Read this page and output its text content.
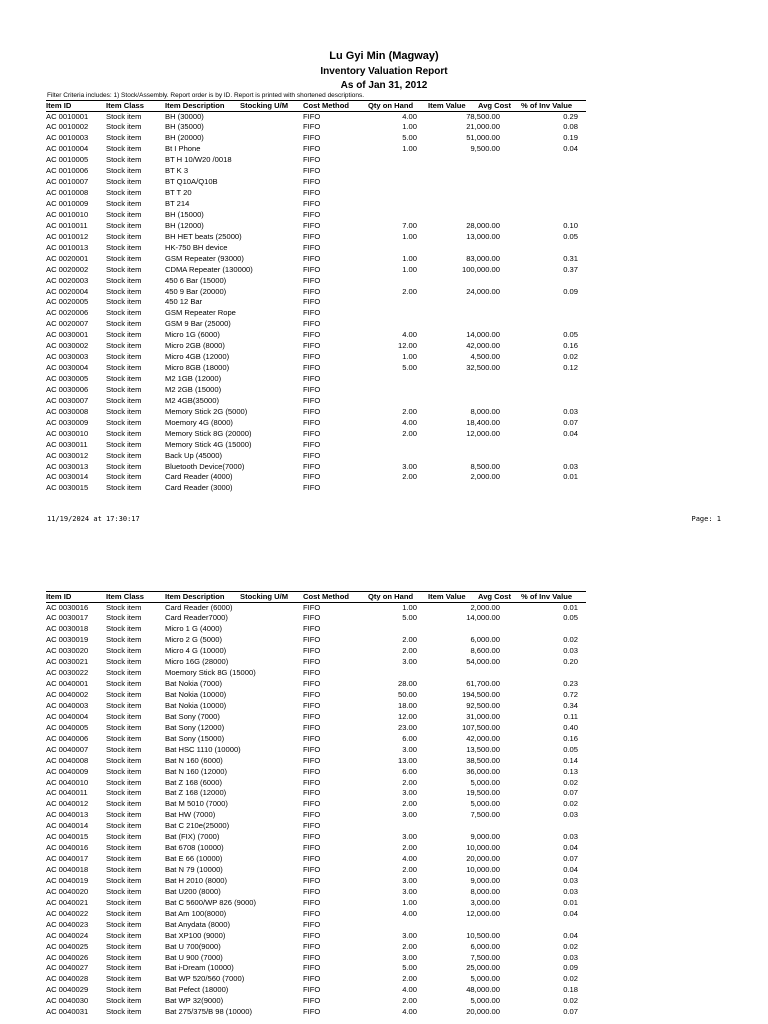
Lu Gyi Min (Magway)
Inventory Valuation Report
As of Jan 31, 2012
Filter Criteria includes: 1) Stock/Assembly. Report order is by ID. Report is printed with shortened descriptions.
Item ID	Item Class	Item Description	Stocking U/M	Cost Method	Qty on Hand	Item Value	Avg Cost	% of Inv Value
AC 0010001	Stock item	BH (30000)	FIFO	4.00	78,500.00	0.29
AC 0010002	Stock item	BH (35000)	FIFO	1.00	21,000.00	0.08
AC 0010003	Stock item	BH (20000)	FIFO	5.00	51,000.00	0.19
AC 0010004	Stock item	Bt I Phone	FIFO	1.00	9,500.00	0.04
AC 0010005	Stock item	BT H 10/W20 /0018	FIFO
AC 0010006	Stock item	BT K 3	FIFO
AC 0010007	Stock item	BT Q10A/Q10B	FIFO
AC 0010008	Stock item	BT T 20	FIFO
AC 0010009	Stock item	BT 214	FIFO
AC 0010010	Stock item	BH (15000)	FIFO
AC 0010011	Stock item	BH (12000)	FIFO	7.00	28,000.00	0.10
AC 0010012	Stock item	BH HET beats (25000)	FIFO	1.00	13,000.00	0.05
AC 0010013	Stock item	HK-750 BH device	FIFO
AC 0020001	Stock item	GSM Repeater (93000)	FIFO	1.00	83,000.00	0.31
AC 0020002	Stock item	CDMA Repeater (130000)	FIFO	1.00	100,000.00	0.37
AC 0020003	Stock item	450 6 Bar (15000)	FIFO
AC 0020004	Stock item	450 9 Bar (20000)	FIFO	2.00	24,000.00	0.09
AC 0020005	Stock item	450 12 Bar	FIFO
AC 0020006	Stock item	GSM Repeater Rope	FIFO
AC 0020007	Stock item	GSM 9 Bar (25000)	FIFO
AC 0030001	Stock item	Micro 1G (6000)	FIFO	4.00	14,000.00	0.05
AC 0030002	Stock item	Micro 2GB (8000)	FIFO	12.00	42,000.00	0.16
AC 0030003	Stock item	Micro 4GB (12000)	FIFO	1.00	4,500.00	0.02
AC 0030004	Stock item	Micro 8GB (18000)	FIFO	5.00	32,500.00	0.12
AC 0030005	Stock item	M2 1GB (12000)	FIFO
AC 0030006	Stock item	M2 2GB (15000)	FIFO
AC 0030007	Stock item	M2 4GB(35000)	FIFO
AC 0030008	Stock item	Memory Stick 2G (5000)	FIFO	2.00	8,000.00	0.03
AC 0030009	Stock item	Moemory 4G (8000)	FIFO	4.00	18,400.00	0.07
AC 0030010	Stock item	Memory Stick 8G (20000)	FIFO	2.00	12,000.00	0.04
AC 0030011	Stock item	Memory Stick 4G (15000)	FIFO
AC 0030012	Stock item	Back Up (45000)	FIFO
AC 0030013	Stock item	Bluetooth Device(7000)	FIFO	3.00	8,500.00	0.03
AC 0030014	Stock item	Card Reader (4000)	FIFO	2.00	2,000.00	0.01
AC 0030015	Stock item	Card Reader (3000)	FIFO
11/19/2024 at 17:30:17	Page: 1
Item ID	Item Class	Item Description	Stocking U/M	Cost Method	Qty on Hand	Item Value	Avg Cost	% of Inv Value
AC 0030016	Stock item	Card Reader (6000)	FIFO	1.00	2,000.00	0.01
AC 0030017	Stock item	Card Reader7000)	FIFO	5.00	14,000.00	0.05
AC 0030018	Stock item	Micro 1 G (4000)	FIFO
AC 0030019	Stock item	Micro 2 G (5000)	FIFO	2.00	6,000.00	0.02
AC 0030020	Stock item	Micro 4 G (10000)	FIFO	2.00	8,600.00	0.03
AC 0030021	Stock item	Micro 16G (28000)	FIFO	3.00	54,000.00	0.20
AC 0030022	Stock item	Moemory Stick 8G (15000)	FIFO
AC 0040001	Stock item	Bat Nokia (7000)	FIFO	28.00	61,700.00	0.23
AC 0040002	Stock item	Bat Nokia (10000)	FIFO	50.00	194,500.00	0.72
AC 0040003	Stock item	Bat Nokia (10000)	FIFO	18.00	92,500.00	0.34
AC 0040004	Stock item	Bat Sony (7000)	FIFO	12.00	31,000.00	0.11
AC 0040005	Stock item	Bat Sony (12000)	FIFO	23.00	107,500.00	0.40
AC 0040006	Stock item	Bat Sony (15000)	FIFO	6.00	42,000.00	0.16
AC 0040007	Stock item	Bat HSC 1110 (10000)	FIFO	3.00	13,500.00	0.05
AC 0040008	Stock item	Bat N 160 (6000)	FIFO	13.00	38,500.00	0.14
AC 0040009	Stock item	Bat N 160 (12000)	FIFO	6.00	36,000.00	0.13
AC 0040010	Stock item	Bat Z 168 (6000)	FIFO	2.00	5,000.00	0.02
AC 0040011	Stock item	Bat Z 168 (12000)	FIFO	3.00	19,500.00	0.07
AC 0040012	Stock item	Bat M 5010 (7000)	FIFO	2.00	5,000.00	0.02
AC 0040013	Stock item	Bat HW (7000)	FIFO	3.00	7,500.00	0.03
AC 0040014	Stock item	Bat C 210e(25000)	FIFO
AC 0040015	Stock item	Bat (FIX) (7000)	FIFO	3.00	9,000.00	0.03
AC 0040016	Stock item	Bat 6708 (10000)	FIFO	2.00	10,000.00	0.04
AC 0040017	Stock item	Bat E 66 (10000)	FIFO	4.00	20,000.00	0.07
AC 0040018	Stock item	Bat N 79 (10000)	FIFO	2.00	10,000.00	0.04
AC 0040019	Stock item	Bat H 2010 (8000)	FIFO	3.00	9,000.00	0.03
AC 0040020	Stock item	Bat U200 (8000)	FIFO	3.00	8,000.00	0.03
AC 0040021	Stock item	Bat C 5600/WP 826 (9000)	FIFO	1.00	3,000.00	0.01
AC 0040022	Stock item	Bat Am 100(8000)	FIFO	4.00	12,000.00	0.04
AC 0040023	Stock item	Bat Anydata (8000)	FIFO
AC 0040024	Stock item	Bat XP100 (9000)	FIFO	3.00	10,500.00	0.04
AC 0040025	Stock item	Bat U 700(9000)	FIFO	2.00	6,000.00	0.02
AC 0040026	Stock item	Bat U 900 (7000)	FIFO	3.00	7,500.00	0.03
AC 0040027	Stock item	Bat i-Dream (10000)	FIFO	5.00	25,000.00	0.09
AC 0040028	Stock item	Bat WP 520/560 (7000)	FIFO	2.00	5,000.00	0.02
AC 0040029	Stock item	Bat Pefect (18000)	FIFO	4.00	48,000.00	0.18
AC 0040030	Stock item	Bat WP 32(9000)	FIFO	2.00	5,000.00	0.02
AC 0040031	Stock item	Bat 275/375/B 98 (10000)	FIFO	4.00	20,000.00	0.07
